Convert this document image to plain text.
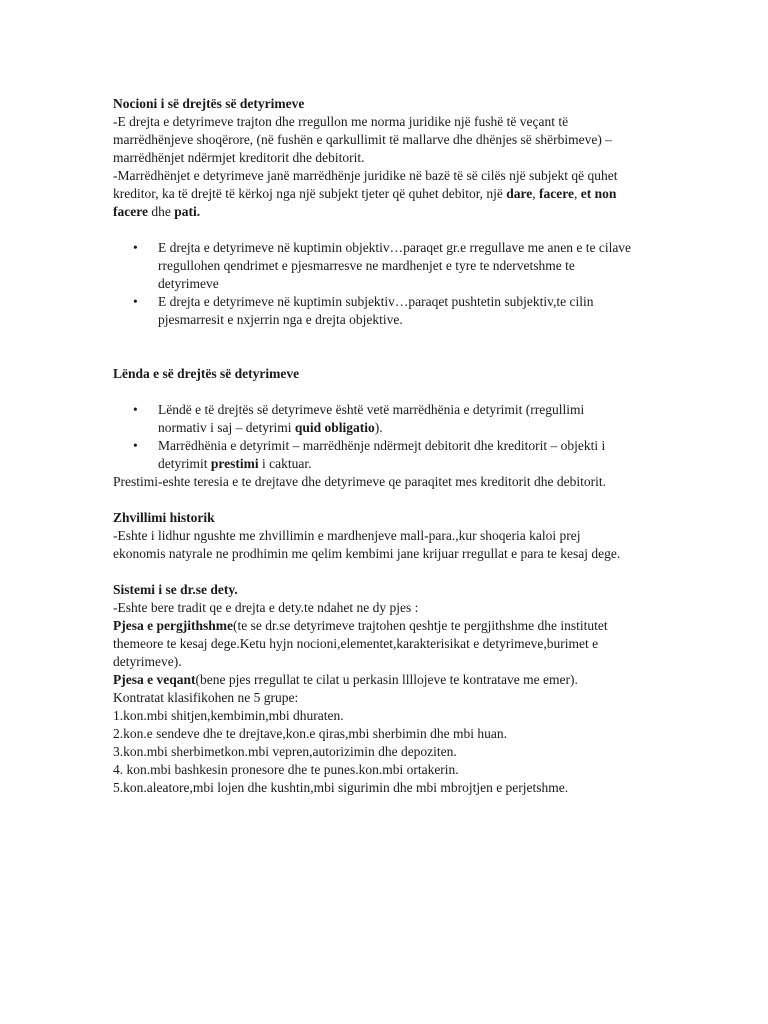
Nocioni i së drejtës së detyrimeve

-E drejta e detyrimeve trajton dhe rregullon me norma juridike një fushë të veçant të marrëdhënjeve shoqërore, (në fushën e qarkullimit të mallarve dhe dhënjes së shërbimeve) – marrëdhënjet ndërmjet kreditorit dhe debitorit.

-Marrëdhënjet e detyrimeve janë marrëdhënje juridike në bazë të së cilës një subjekt që quhet kreditor, ka të drejtë të kërkoj nga një subjekt tjeter që quhet debitor, një dare, facere, et non facere dhe pati.

• E drejta e detyrimeve në kuptimin objektiv…paraqet gr.e rregullave me anen e te cilave rregullohen qendrimet e pjesmarresve ne mardhenjet e tyre te ndervetshme te detyrimeve
• E drejta e detyrimeve në kuptimin subjektiv…paraqet pushtetin subjektiv,te cilin pjesmarresit e nxjerrin nga e drejta objektive.

Lënda e së drejtës së detyrimeve

• Lëndë e të drejtës së detyrimeve është vetë marrëdhënia e detyrimit (rregullimi normativ i saj – detyrimi quid obligatio).
• Marrëdhënia e detyrimit – marrëdhënje ndërmejt debitorit dhe kreditorit – objekti i detyrimit prestimi i caktuar.

Prestimi-eshte teresia e te drejtave dhe detyrimeve qe paraqitet mes kreditorit dhe debitorit.

Zhvillimi historik

-Eshte i lidhur ngushte me zhvillimin e mardhenjeve mall-para.,kur shoqeria kaloi prej ekonomis natyrale ne prodhimin me qelim kembimi jane krijuar rregullat e para te kesaj dege.

Sistemi i se dr.se dety.

-Eshte bere tradit qe e drejta e dety.te ndahet ne dy pjes :

Pjesa e pergjithshme(te se dr.se detyrimeve trajtohen qeshtje te pergjithshme dhe institutet themeore te kesaj dege.Ketu hyjn nocioni,elementet,karakterisikat e detyrimeve,burimet e detyrimeve).

Pjesa e veqant(bene pjes rregullat te cilat u perkasin llllojeve te kontratave me emer).

Kontratat klasifikohen ne 5 grupe:

1.kon.mbi shitjen,kembimin,mbi dhuraten.

2.kon.e sendeve dhe te drejtave,kon.e qiras,mbi sherbimin dhe mbi huan.

3.kon.mbi sherbimetkon.mbi vepren,autorizimin dhe depoziten.

4. kon.mbi bashkesin pronesore dhe te punes.kon.mbi ortakerin.

5.kon.aleatore,mbi lojen dhe kushtin,mbi sigurimin dhe mbi mbrojtjen e perjetshme.
